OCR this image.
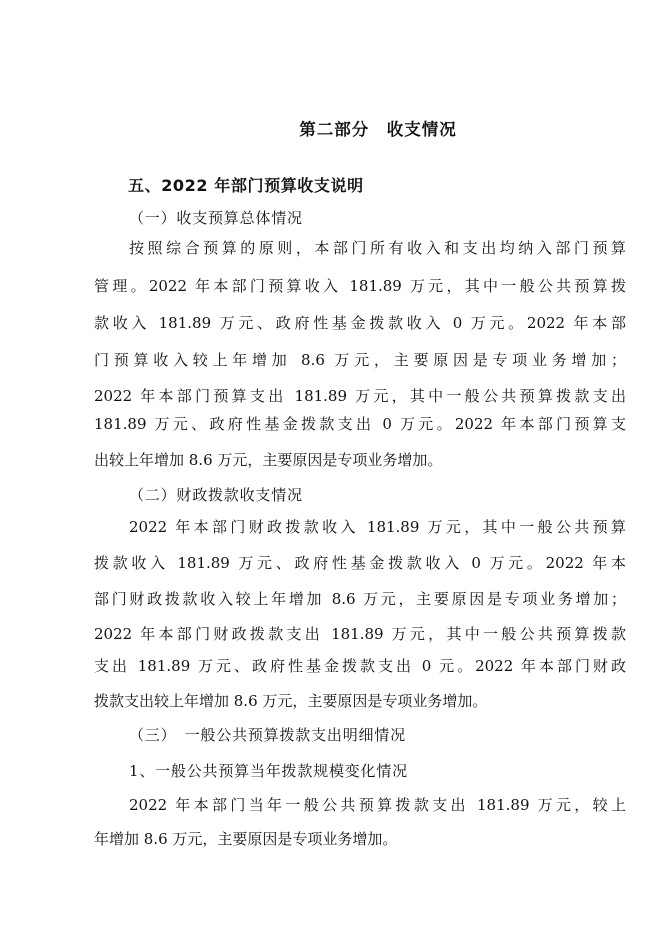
第二部分　收支情况
五、2022 年部门预算收支说明
（一）收支预算总体情况
按照综合预算的原则，本部门所有收入和支出均纳入部门预算
管理。2022 年本部门预算收入 181.89 万元，其中一般公共预算拨
款收入 181.89 万元、政府性基金拨款收入 0 万元。2022 年本部
门预算收入较上年增加 8.6 万元，主要原因是专项业务增加；
2022 年本部门预算支出 181.89 万元，其中一般公共预算拨款支出
181.89 万元、政府性基金拨款支出 0 万元。2022 年本部门预算支
出较上年增加 8.6 万元，主要原因是专项业务增加。
（二）财政拨款收支情况
2022 年本部门财政拨款收入 181.89 万元，其中一般公共预算
拨款收入 181.89 万元、政府性基金拨款收入 0 万元。2022 年本
部门财政拨款收入较上年增加 8.6 万元，主要原因是专项业务增加；
2022 年本部门财政拨款支出 181.89 万元，其中一般公共预算拨款
支出 181.89 万元、政府性基金拨款支出 0 元。2022 年本部门财政
拨款支出较上年增加 8.6 万元，主要原因是专项业务增加。
（三）　一般公共预算拨款支出明细情况
1、一般公共预算当年拨款规模变化情况
2022 年本部门当年一般公共预算拨款支出 181.89 万元，较上
年增加 8.6 万元，主要原因是专项业务增加。
